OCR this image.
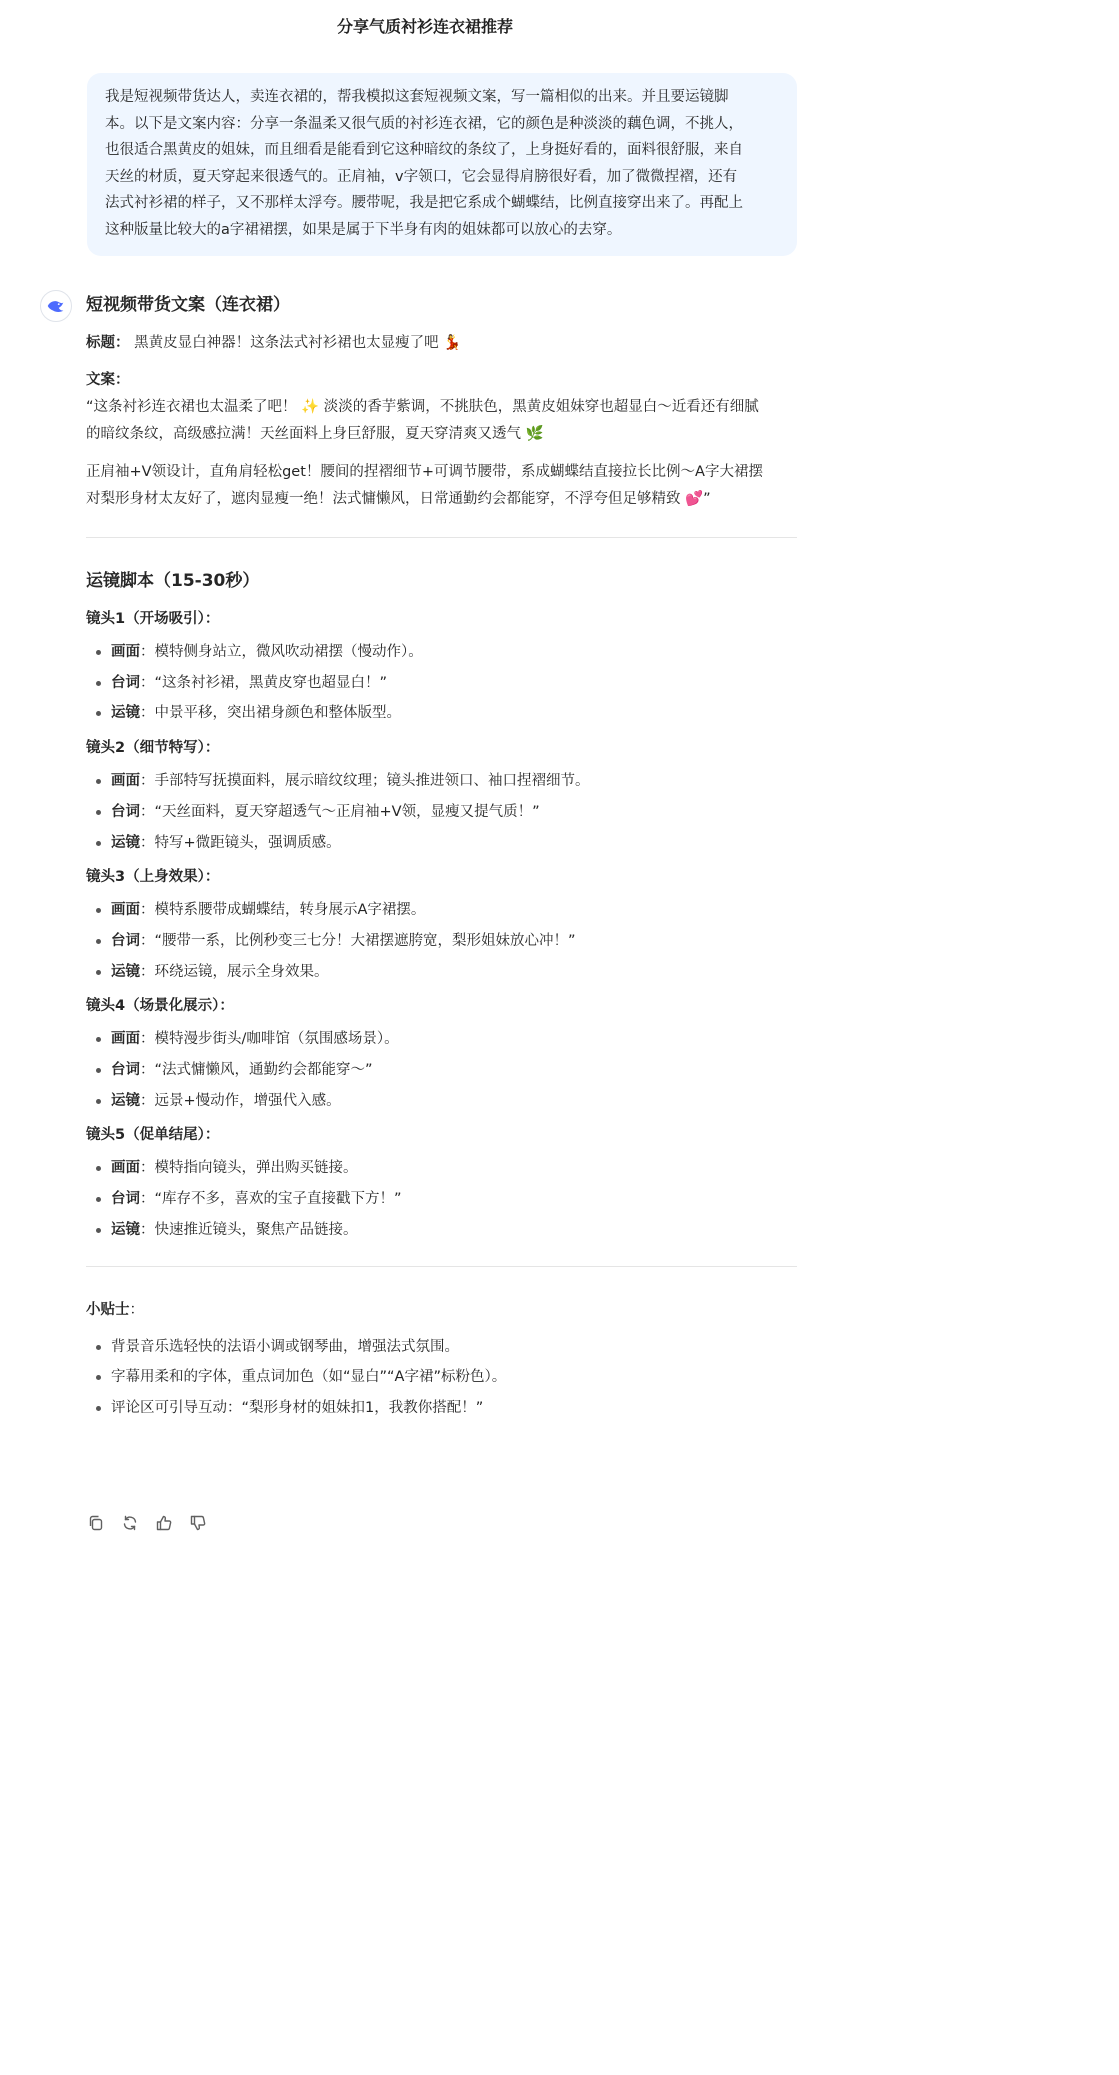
分享气质衬衫连衣裙推荐
我是短视频带货达人，卖连衣裙的，帮我模拟这套短视频文案，写一篇相似的出来。并且要运镜脚
本。以下是文案内容：分享一条温柔又很气质的衬衫连衣裙，它的颜色是种淡淡的藕色调，不挑人，
也很适合黑黄皮的姐妹，而且细看是能看到它这种暗纹的条纹了，上身挺好看的，面料很舒服，来自
天丝的材质，夏天穿起来很透气的。正肩袖，v字领口，它会显得肩膀很好看，加了微微捏褶，还有
法式衬衫裙的样子，又不那样太浮夸。腰带呢，我是把它系成个蝴蝶结，比例直接穿出来了。再配上
这种版量比较大的a字裙裙摆，如果是属于下半身有肉的姐妹都可以放心的去穿。
短视频带货文案（连衣裙）
标题： 黑黄皮显白神器！这条法式衬衫裙也太显瘦了吧 💃
文案：
“这条衬衫连衣裙也太温柔了吧！ ✨ 淡淡的香芋紫调，不挑肤色，黑黄皮姐妹穿也超显白～近看还有细腻
的暗纹条纹，高级感拉满！天丝面料上身巨舒服，夏天穿清爽又透气 🌿
正肩袖+V领设计，直角肩轻松get！腰间的捏褶细节+可调节腰带，系成蝴蝶结直接拉长比例～A字大裙摆
对梨形身材太友好了，遮肉显瘦一绝！法式慵懒风，日常通勤约会都能穿，不浮夸但足够精致 💕”
运镜脚本（15-30秒）
镜头1（开场吸引）：
画面：模特侧身站立，微风吹动裙摆（慢动作）。
台词：“这条衬衫裙，黑黄皮穿也超显白！”
运镜：中景平移，突出裙身颜色和整体版型。
镜头2（细节特写）：
画面：手部特写抚摸面料，展示暗纹纹理；镜头推进领口、袖口捏褶细节。
台词：“天丝面料，夏天穿超透气～正肩袖+V领，显瘦又提气质！”
运镜：特写+微距镜头，强调质感。
镜头3（上身效果）：
画面：模特系腰带成蝴蝶结，转身展示A字裙摆。
台词：“腰带一系，比例秒变三七分！大裙摆遮胯宽，梨形姐妹放心冲！”
运镜：环绕运镜，展示全身效果。
镜头4（场景化展示）：
画面：模特漫步街头/咖啡馆（氛围感场景）。
台词：“法式慵懒风，通勤约会都能穿～”
运镜：远景+慢动作，增强代入感。
镜头5（促单结尾）：
画面：模特指向镜头，弹出购买链接。
台词：“库存不多，喜欢的宝子直接戳下方！”
运镜：快速推近镜头，聚焦产品链接。
小贴士：
背景音乐选轻快的法语小调或钢琴曲，增强法式氛围。
字幕用柔和的字体，重点词加色（如“显白”“A字裙”标粉色）。
评论区可引导互动：“梨形身材的姐妹扣1，我教你搭配！”
